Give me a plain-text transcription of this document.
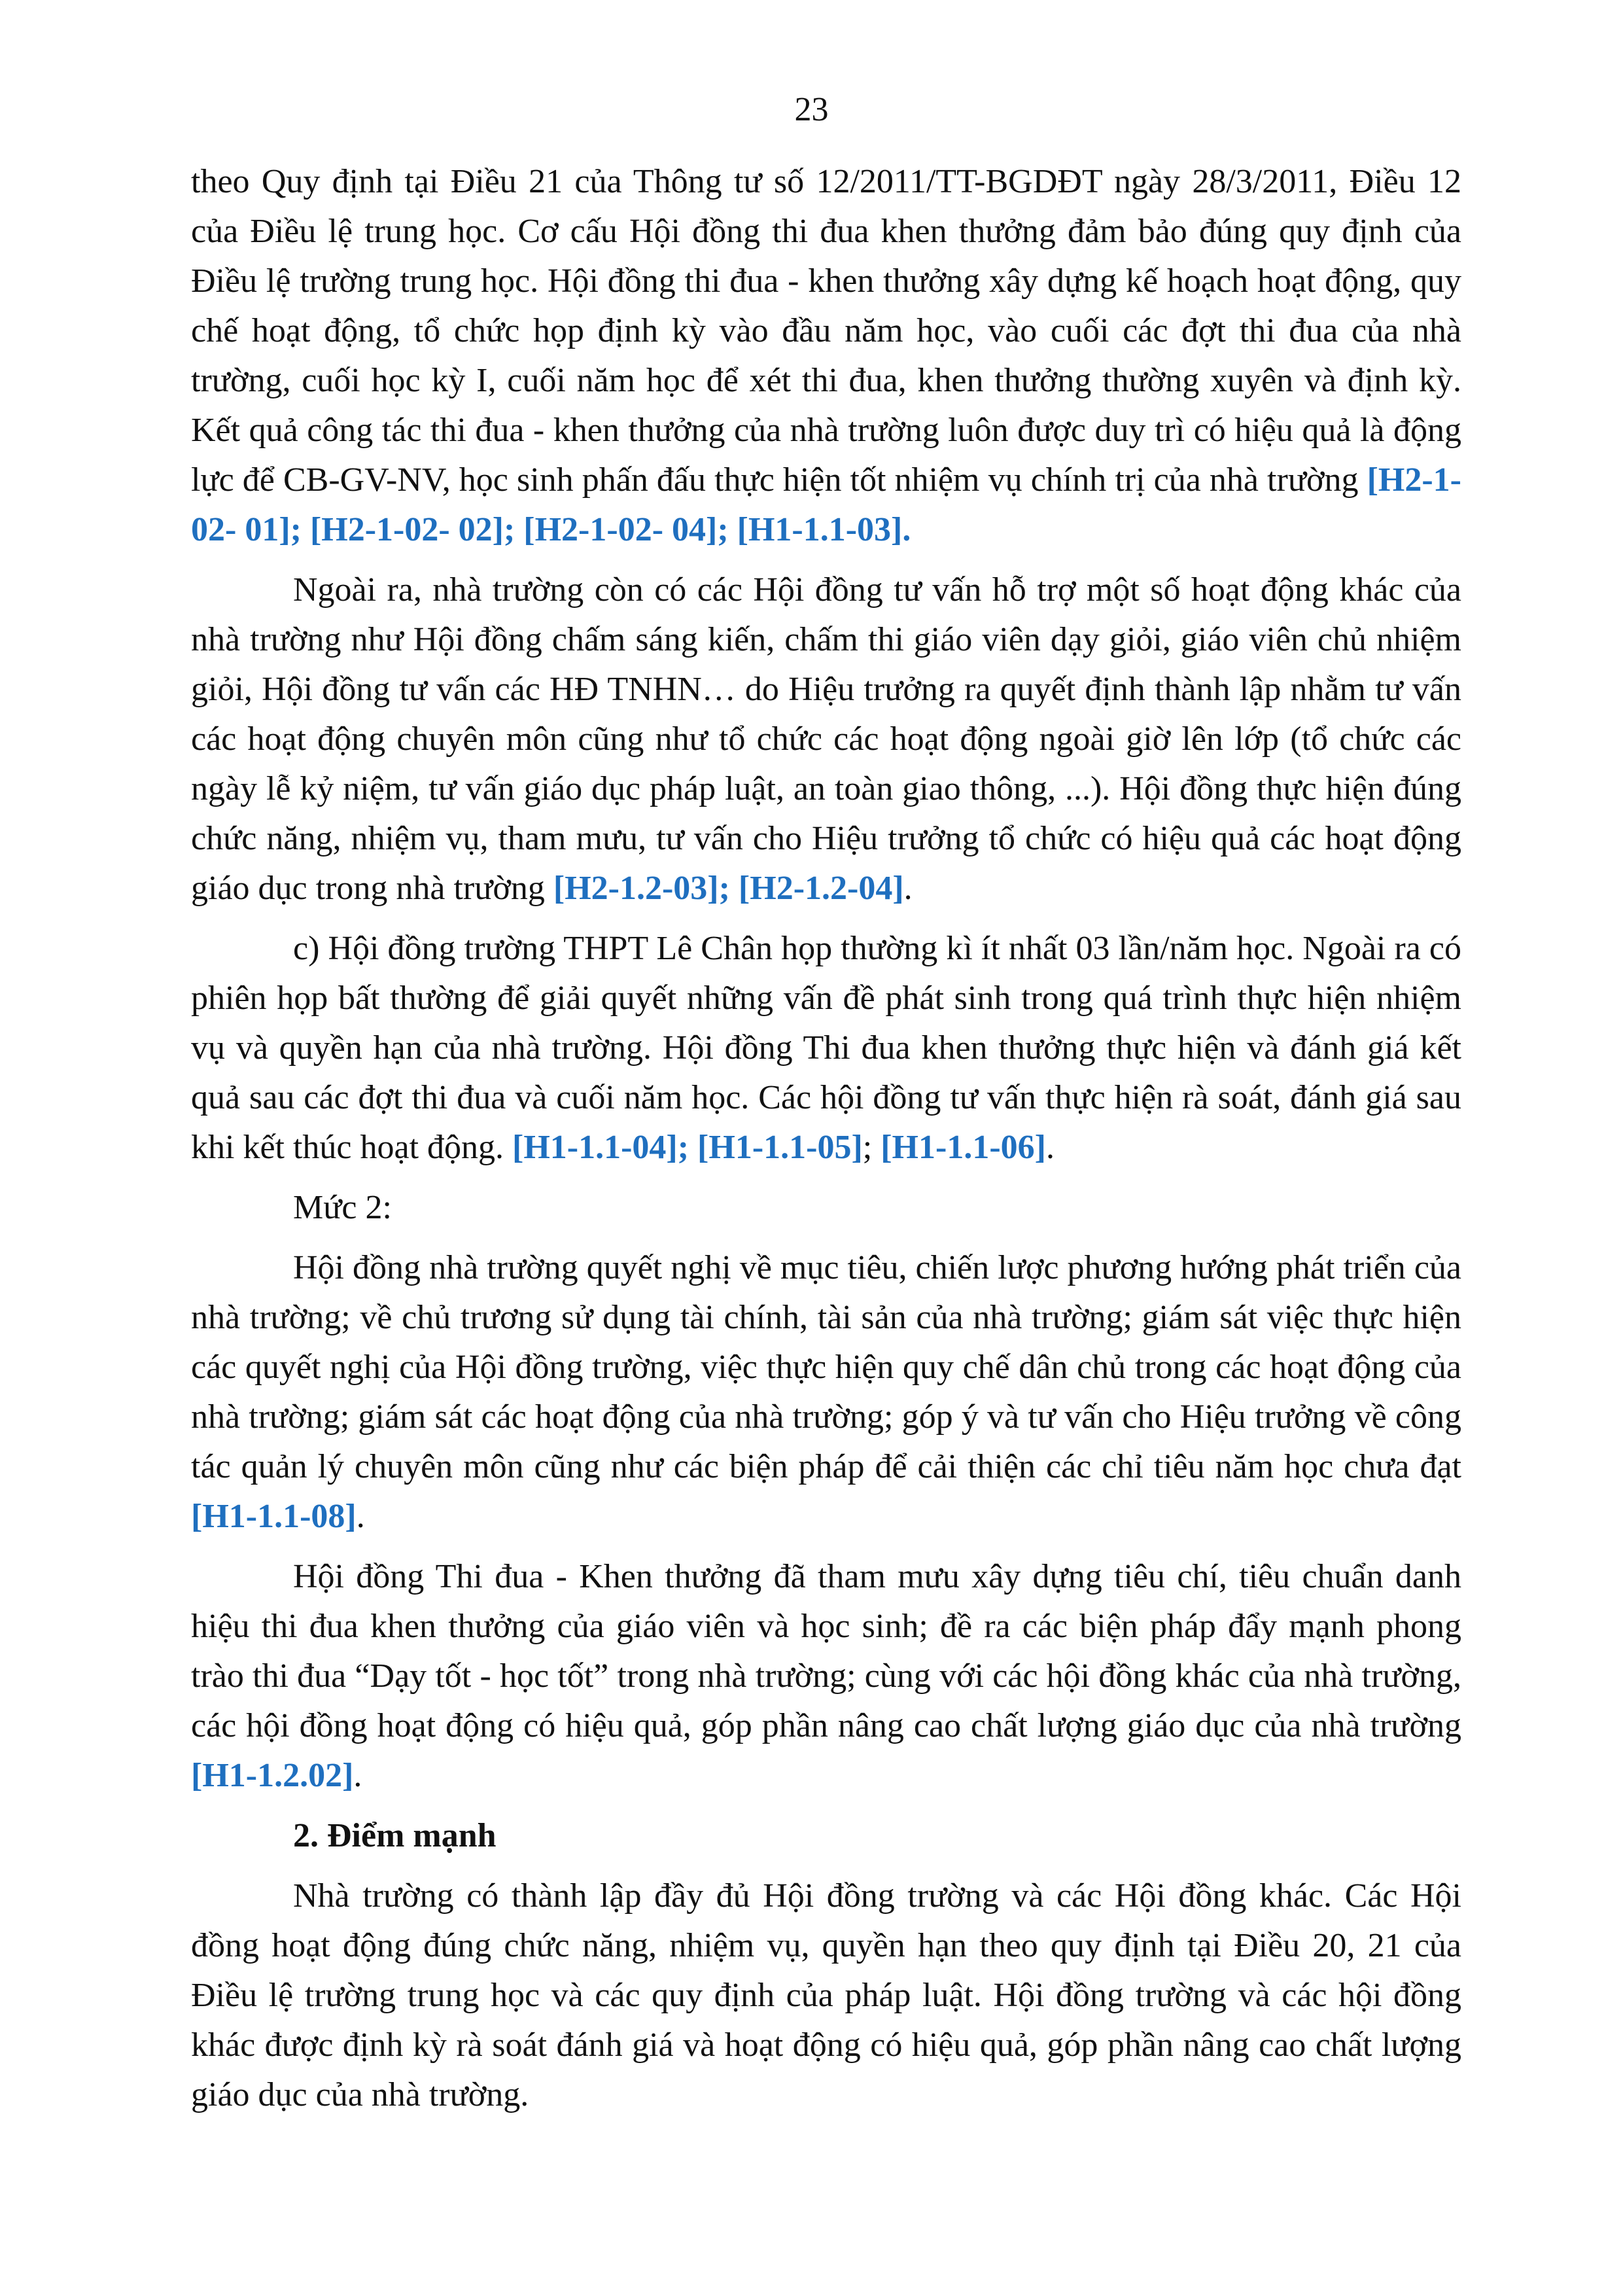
23

theo Quy định tại Điều 21 của Thông tư số 12/2011/TT-BGDĐT ngày 28/3/2011, Điều 12 của Điều lệ trung học. Cơ cấu Hội đồng thi đua khen thưởng đảm bảo đúng quy định của Điều lệ trường trung học. Hội đồng thi đua - khen thưởng xây dựng kế hoạch hoạt động, quy chế hoạt động, tổ chức họp định kỳ vào đầu năm học, vào cuối các đợt thi đua của nhà trường, cuối học kỳ I, cuối năm học để xét thi đua, khen thưởng thường xuyên và định kỳ. Kết quả công tác thi đua - khen thưởng của nhà trường luôn được duy trì có hiệu quả là động lực để CB-GV-NV, học sinh phấn đấu thực hiện tốt nhiệm vụ chính trị của nhà trường [H2-1-02- 01]; [H2-1-02- 02]; [H2-1-02- 04]; [H1-1.1-03].

Ngoài ra, nhà trường còn có các Hội đồng tư vấn hỗ trợ một số hoạt động khác của nhà trường như Hội đồng chấm sáng kiến, chấm thi giáo viên dạy giỏi, giáo viên chủ nhiệm giỏi, Hội đồng tư vấn các HĐ TNHN… do Hiệu trưởng ra quyết định thành lập nhằm tư vấn các hoạt động chuyên môn cũng như tổ chức các hoạt động ngoài giờ lên lớp (tổ chức các ngày lễ kỷ niệm, tư vấn giáo dục pháp luật, an toàn giao thông, ...). Hội đồng thực hiện đúng chức năng, nhiệm vụ, tham mưu, tư vấn cho Hiệu trưởng tổ chức có hiệu quả các hoạt động giáo dục trong nhà trường [H2-1.2-03]; [H2-1.2-04].

c) Hội đồng trường THPT Lê Chân họp thường kì ít nhất 03 lần/năm học. Ngoài ra có phiên họp bất thường để giải quyết những vấn đề phát sinh trong quá trình thực hiện nhiệm vụ và quyền hạn của nhà trường. Hội đồng Thi đua khen thưởng thực hiện và đánh giá kết quả sau các đợt thi đua và cuối năm học. Các hội đồng tư vấn thực hiện rà soát, đánh giá sau khi kết thúc hoạt động. [H1-1.1-04]; [H1-1.1-05]; [H1-1.1-06].

Mức 2:

Hội đồng nhà trường quyết nghị về mục tiêu, chiến lược phương hướng phát triển của nhà trường; về chủ trương sử dụng tài chính, tài sản của nhà trường; giám sát việc thực hiện các quyết nghị của Hội đồng trường, việc thực hiện quy chế dân chủ trong các hoạt động của nhà trường; giám sát các hoạt động của nhà trường; góp ý và tư vấn cho Hiệu trưởng về công tác quản lý chuyên môn cũng như các biện pháp để cải thiện các chỉ tiêu năm học chưa đạt [H1-1.1-08].

Hội đồng Thi đua - Khen thưởng đã tham mưu xây dựng tiêu chí, tiêu chuẩn danh hiệu thi đua khen thưởng của giáo viên và học sinh; đề ra các biện pháp đẩy mạnh phong trào thi đua “Dạy tốt - học tốt” trong nhà trường; cùng với các hội đồng khác của nhà trường, các hội đồng hoạt động có hiệu quả, góp phần nâng cao chất lượng giáo dục của nhà trường [H1-1.2.02].

2. Điểm mạnh

Nhà trường có thành lập đầy đủ Hội đồng trường và các Hội đồng khác. Các Hội đồng hoạt động đúng chức năng, nhiệm vụ, quyền hạn theo quy định tại Điều 20, 21 của Điều lệ trường trung học và các quy định của pháp luật. Hội đồng trường và các hội đồng khác được định kỳ rà soát đánh giá và hoạt động có hiệu quả, góp phần nâng cao chất lượng giáo dục của nhà trường.
